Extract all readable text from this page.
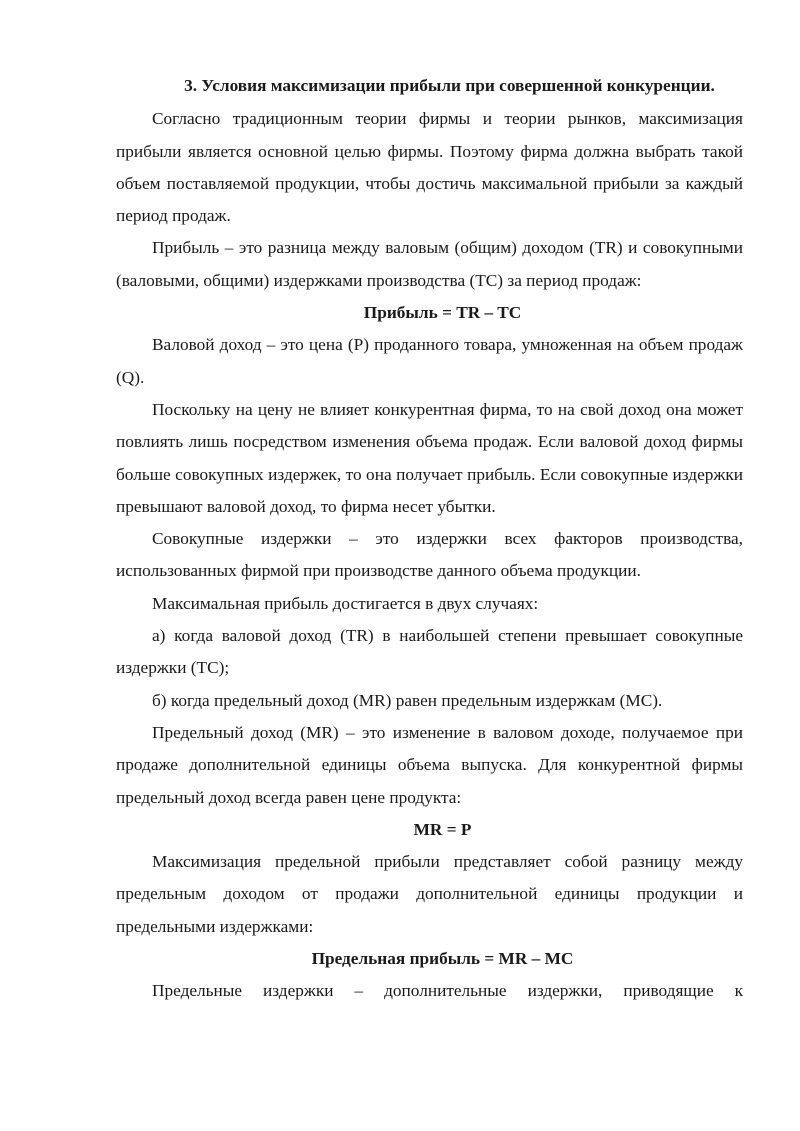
3. Условия максимизации прибыли при совершенной конкуренции.

Согласно традиционным теории фирмы и теории рынков, максимизация прибыли является основной целью фирмы. Поэтому фирма должна выбрать такой объем поставляемой продукции, чтобы достичь максимальной прибыли за каждый период продаж.

Прибыль – это разница между валовым (общим) доходом (TR) и совокупными (валовыми, общими) издержками производства (TC) за период продаж:

Прибыль = TR – TC

Валовой доход – это цена (Р) проданного товара, умноженная на объем продаж (Q).

Поскольку на цену не влияет конкурентная фирма, то на свой доход она может повлиять лишь посредством изменения объема продаж. Если валовой доход фирмы больше совокупных издержек, то она получает прибыль. Если совокупные издержки превышают валовой доход, то фирма несет убытки.

Совокупные издержки – это издержки всех факторов производства, использованных фирмой при производстве данного объема продукции.

Максимальная прибыль достигается в двух случаях:

а) когда валовой доход (TR) в наибольшей степени превышает совокупные издержки (TC);

б) когда предельный доход (MR) равен предельным издержкам (MC).

Предельный доход (MR) – это изменение в валовом доходе, получаемое при продаже дополнительной единицы объема выпуска. Для конкурентной фирмы предельный доход всегда равен цене продукта:

MR = Р

Максимизация предельной прибыли представляет собой разницу между предельным доходом от продажи дополнительной единицы продукции и предельными издержками:

Предельная прибыль = MR – MC

Предельные издержки – дополнительные издержки, приводящие к
